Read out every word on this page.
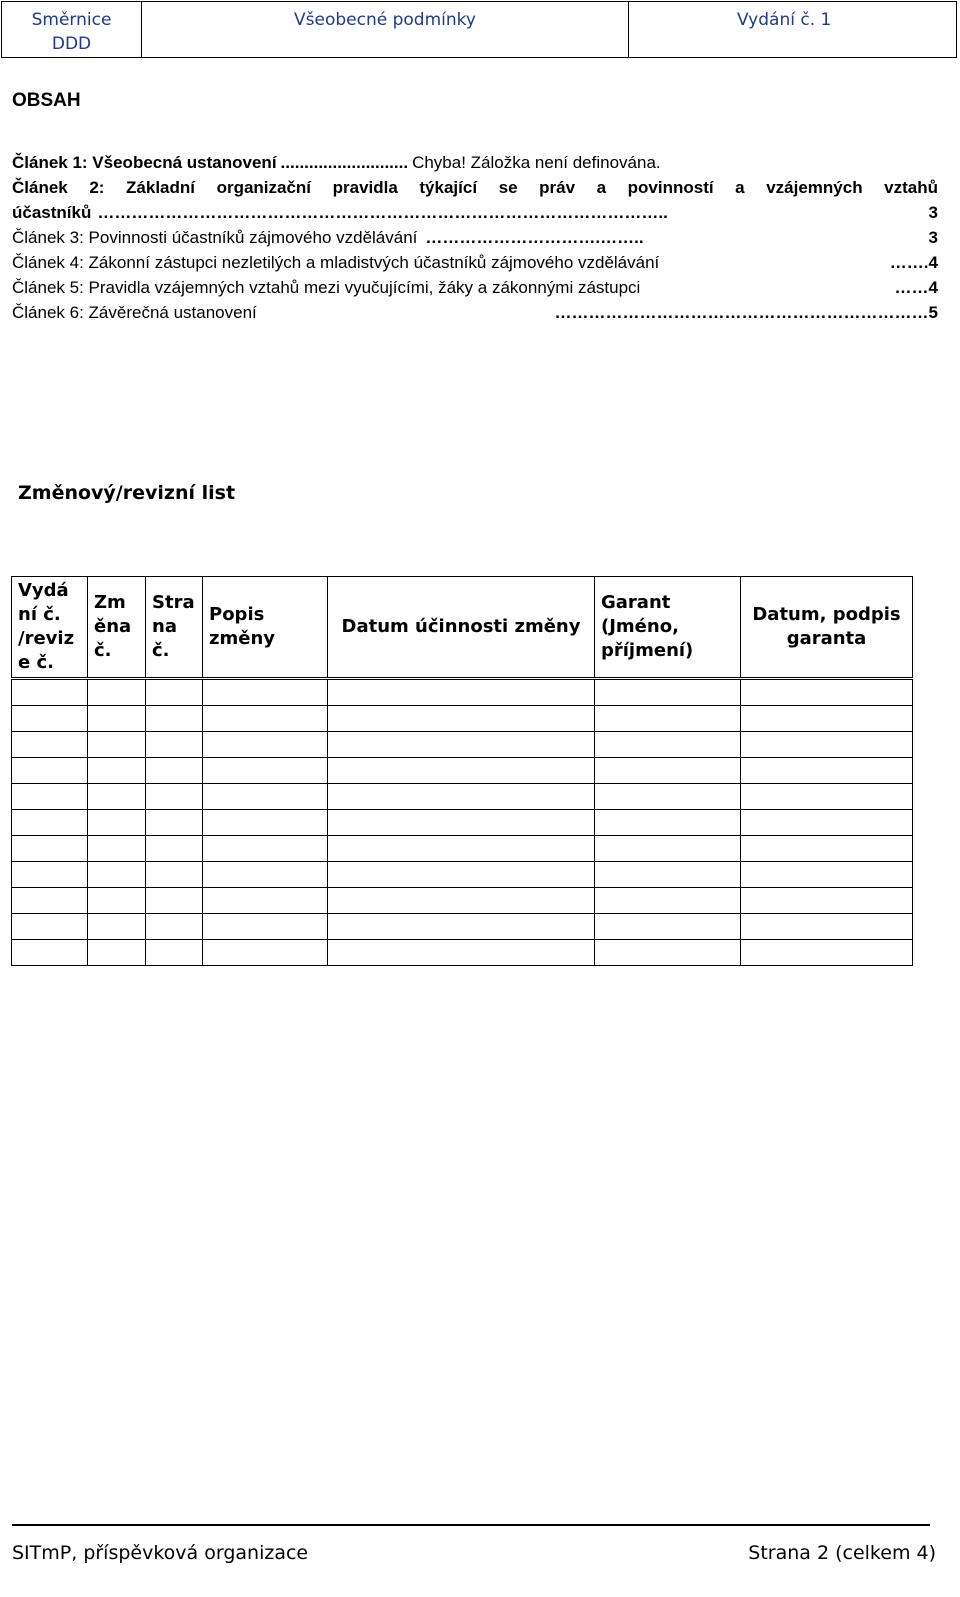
Směrnice
DDD
Všeobecné podmínky	Vydání č. 1
OBSAH
Článek 1: Všeobecná ustanovení ........................... Chyba! Záložka není definována.
Článek 2: Základní organizační pravidla týkající se práv a povinností a vzájemných vztahů
účastníků ………………………………………………………………………………………..	3
Článek 3: Povinnosti účastníků zájmového vzdělávání ………………………….……..	3
Článek 4: Zákonní zástupci nezletilých a mladistvých účastníků zájmového vzdělávání	……. 4
Článek 5: Pravidla vzájemných vztahů mezi vyučujícími, žáky a zákonnými zástupci	…… 4
Článek 6: Závěrečná ustanovení	………………………………………………………… 5
Změnový/revizní list
Vydá ní č. /reviz e č.	Zm ěna č.	Stra na č.	Popis změny	Datum účinnosti změny	Garant (Jméno, příjmení)	Datum, podpis garanta

SITmP, příspěvková organizace	Strana 2 (celkem 4)
